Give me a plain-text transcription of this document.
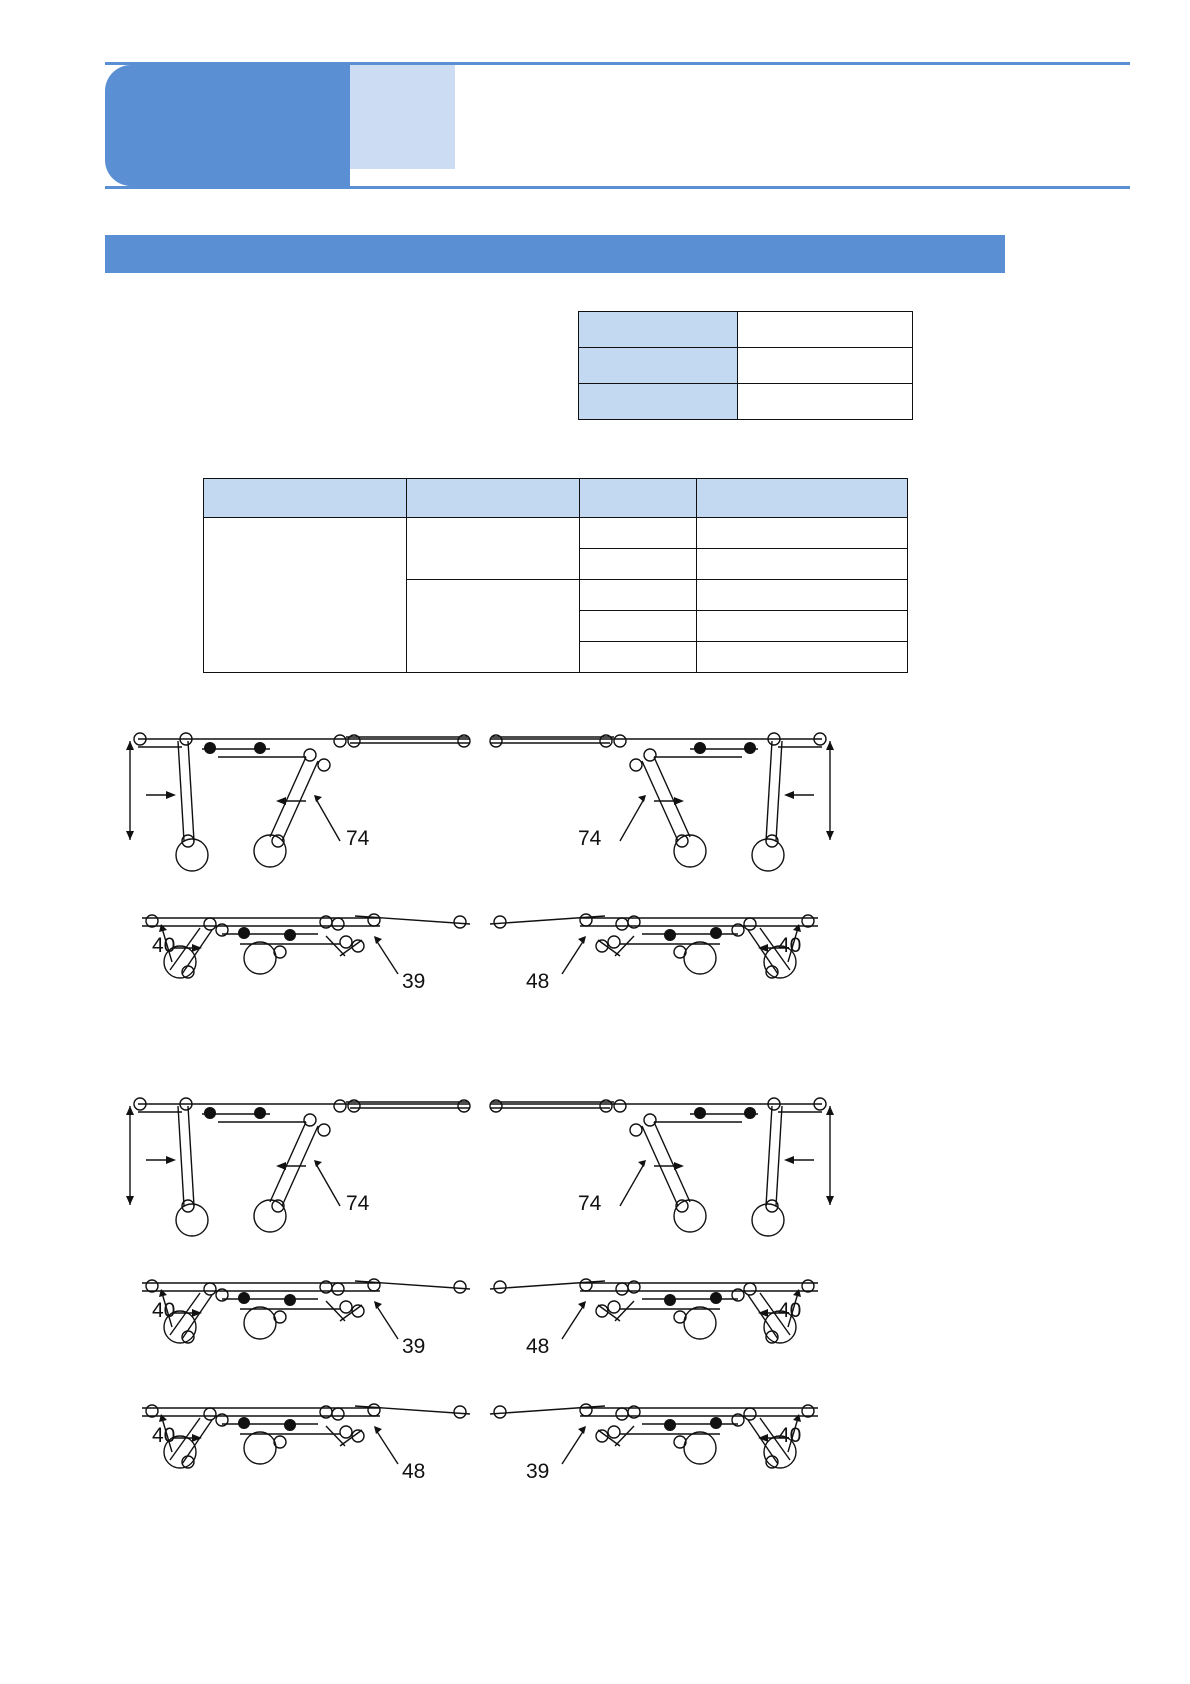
74	74
40
39	48
40
74	74
40
39	48
40
40
48	39
40
